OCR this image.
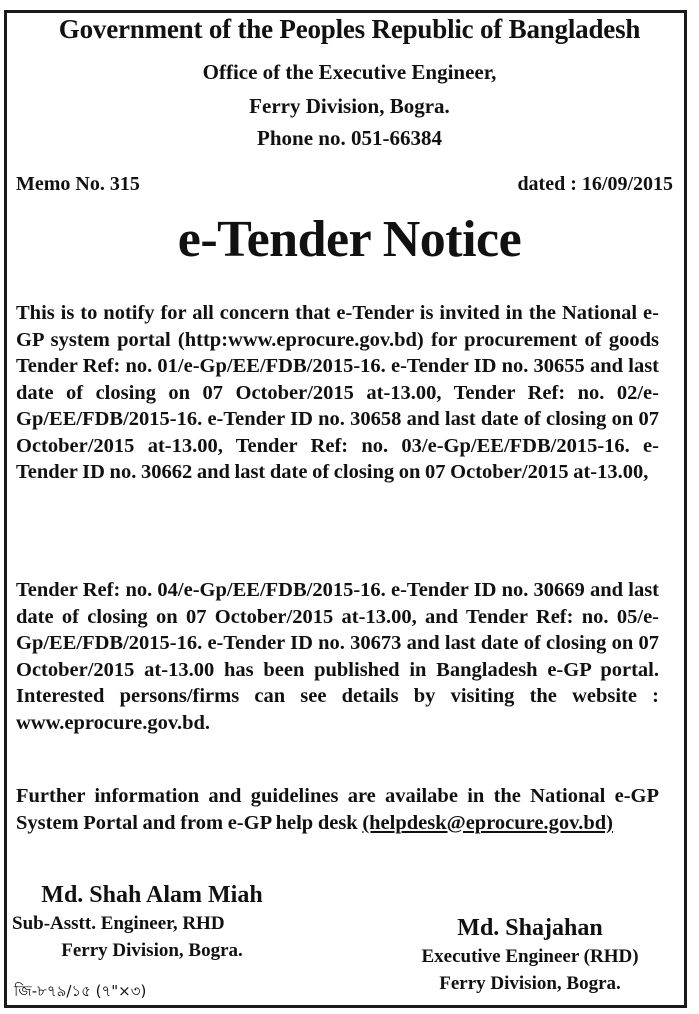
Government of the Peoples Republic of Bangladesh
Office of the Executive Engineer,
Ferry Division, Bogra.
Phone no. 051-66384
Memo No. 315	dated : 16/09/2015
e-Tender Notice
This is to notify for all concern that e-Tender is invited in the National e-GP system portal (http:www.eprocure.gov.bd) for procurement of goods Tender Ref: no. 01/e-Gp/EE/FDB/2015-16. e-Tender ID no. 30655 and last date of closing on 07 October/2015 at-13.00, Tender Ref: no. 02/e-Gp/EE/FDB/2015-16. e-Tender ID no. 30658 and last date of closing on 07 October/2015 at-13.00, Tender Ref: no. 03/e-Gp/EE/FDB/2015-16. e-Tender ID no. 30662 and last date of closing on 07 October/2015 at-13.00,
Tender Ref: no. 04/e-Gp/EE/FDB/2015-16. e-Tender ID no. 30669 and last date of closing on 07 October/2015 at-13.00, and Tender Ref: no. 05/e-Gp/EE/FDB/2015-16. e-Tender ID no. 30673 and last date of closing on 07 October/2015 at-13.00 has been published in Bangladesh e-GP portal. Interested persons/firms can see details by visiting the website : www.eprocure.gov.bd.
Further information and guidelines are availabe in the National e-GP System Portal and from e-GP help desk (helpdesk@eprocure.gov.bd)
Md. Shah Alam Miah
Sub-Asstt. Engineer, RHD
Ferry Division, Bogra.
Md. Shajahan
Executive Engineer (RHD)
Ferry Division, Bogra.
জি-৮৭৯/১৫ (৭"×৩)
